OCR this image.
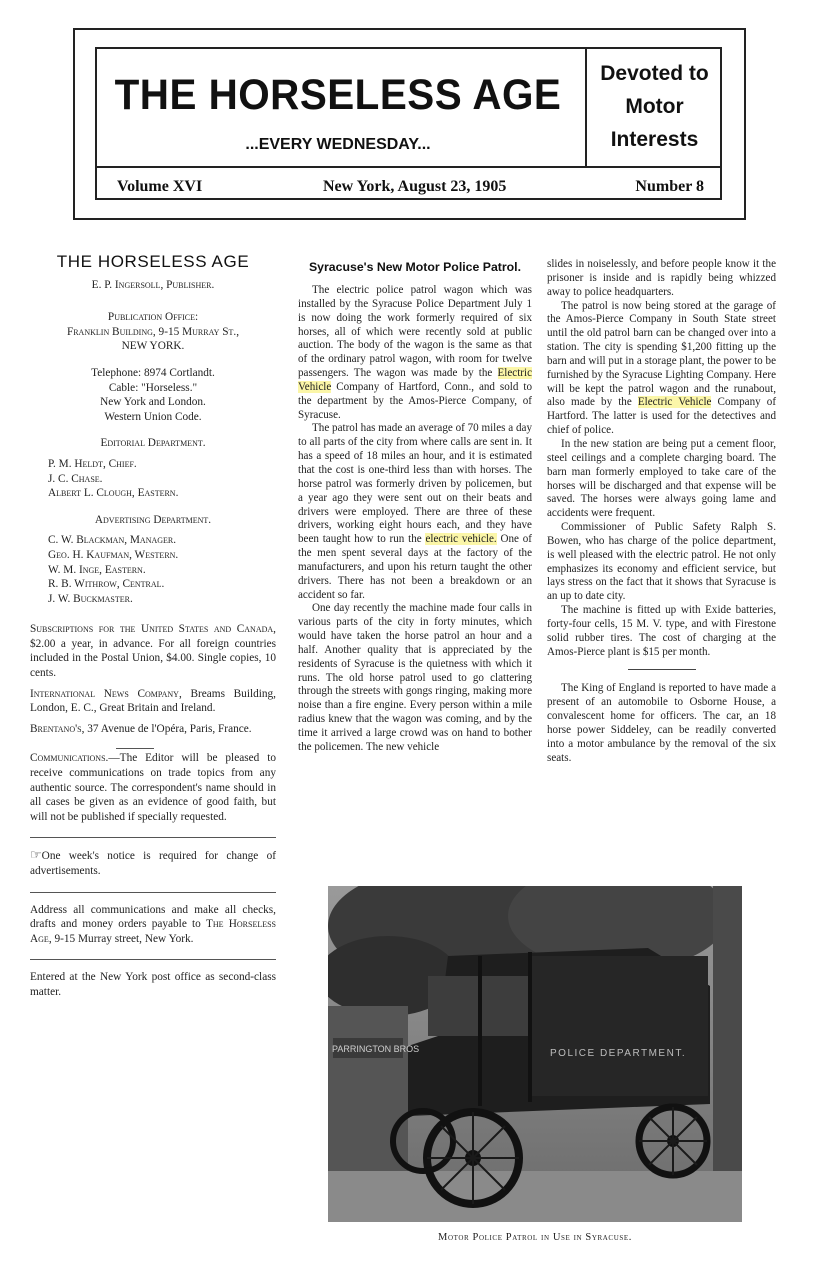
THE HORSELESS AGE
...EVERY WEDNESDAY...
Devoted to
Motor
Interests
Volume XVI	New York, August 23, 1905	Number 8
THE HORSELESS AGE
E. P. Ingersoll, Publisher.
Publication Office:
Franklin Building, 9-15 Murray St.,
NEW YORK.
Telephone: 8974 Cortlandt.
Cable: "Horseless."
New York and London.
Western Union Code.
Editorial Department.
P. M. Heldt, Chief.
J. C. Chase.
Albert L. Clough, Eastern.
Advertising Department.
C. W. Blackman, Manager.
Geo. H. Kaufman, Western.
W. M. Inge, Eastern.
R. B. Withrow, Central.
J. W. Buckmaster.

Subscriptions for the United States and Canada, $2.00 a year, in advance. For all foreign countries included in the Postal Union, $4.00. Single copies, 10 cents.

International News Company, Breams Building, London, E. C., Great Britain and Ireland.

Brentano's, 37 Avenue de l'Opéra, Paris, France.

Communications.—The Editor will be pleased to receive communications on trade topics from any authentic source. The correspondent's name should in all cases be given as an evidence of good faith, but will not be published if specially requested.

☞One week's notice is required for change of advertisements.

Address all communications and make all checks, drafts and money orders payable to The Horseless Age, 9-15 Murray street, New York.

Entered at the New York post office as second-class matter.

Syracuse's New Motor Police Patrol.

The electric police patrol wagon which was installed by the Syracuse Police Department July 1 is now doing the work formerly required of six horses, all of which were recently sold at public auction. The body of the wagon is the same as that of the ordinary patrol wagon, with room for twelve passengers. The wagon was made by the Electric Vehicle Company of Hartford, Conn., and sold to the department by the Amos-Pierce Company, of Syracuse.

The patrol has made an average of 70 miles a day to all parts of the city from where calls are sent in. It has a speed of 18 miles an hour, and it is estimated that the cost is one-third less than with horses. The horse patrol was formerly driven by policemen, but a year ago they were sent out on their beats and drivers were employed. There are three of these drivers, working eight hours each, and they have been taught how to run the electric vehicle. One of the men spent several days at the factory of the manufacturers, and upon his return taught the other drivers. There has not been a breakdown or an accident so far.

One day recently the machine made four calls in various parts of the city in forty minutes, which would have taken the horse patrol an hour and a half. Another quality that is appreciated by the residents of Syracuse is the quietness with which it runs. The old horse patrol used to go clattering through the streets with gongs ringing, making more noise than a fire engine. Every person within a mile radius knew that the wagon was coming, and by the time it arrived a large crowd was on hand to bother the policemen. The new vehicle

slides in noiselessly, and before people know it the prisoner is inside and is rapidly being whizzed away to police headquarters.

The patrol is now being stored at the garage of the Amos-Pierce Company in South State street until the old patrol barn can be changed over into a station. The city is spending $1,200 fitting up the barn and will put in a storage plant, the power to be furnished by the Syracuse Lighting Company. Here will be kept the patrol wagon and the runabout, also made by the Electric Vehicle Company of Hartford. The latter is used for the detectives and chief of police.

In the new station are being put a cement floor, steel ceilings and a complete charging board. The barn man formerly employed to take care of the horses will be discharged and that expense will be saved. The horses were always going lame and accidents were frequent.

Commissioner of Public Safety Ralph S. Bowen, who has charge of the police department, is well pleased with the electric patrol. He not only emphasizes its economy and efficient service, but lays stress on the fact that it shows that Syracuse is an up to date city.

The machine is fitted up with Exide batteries, forty-four cells, 15 M. V. type, and with Firestone solid rubber tires. The cost of charging at the Amos-Pierce plant is $15 per month.

The King of England is reported to have made a present of an automobile to Osborne House, a convalescent home for officers. The car, an 18 horse power Siddeley, can be readily converted into a motor ambulance by the removal of the six seats.

PARRINGTON BROS	POLICE DEPARTMENT.
Motor Police Patrol in Use in Syracuse.
